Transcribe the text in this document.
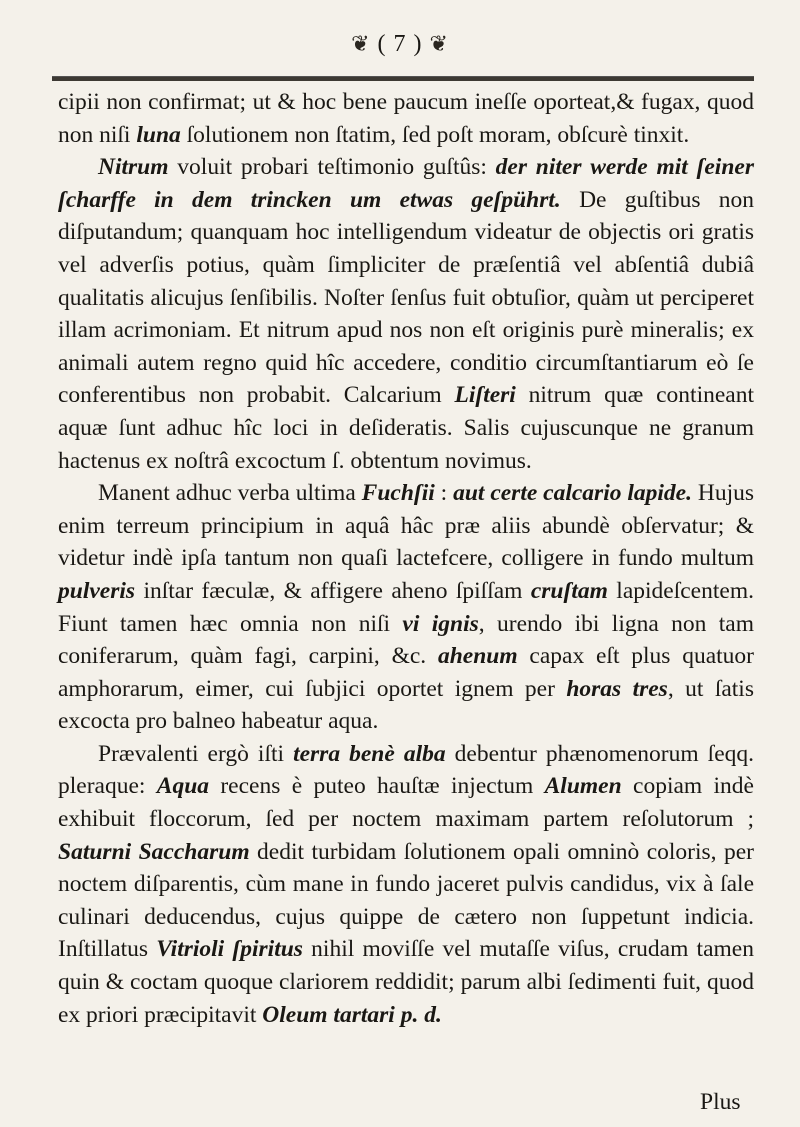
❦ ( 7 ) ❦

cipii non confirmat; ut & hoc bene paucum ineſſe oporteat,& fugax, quod non niſi luna ſolutionem non ſtatim, ſed poſt moram, obſcurè tinxit.

Nitrum voluit probari teſtimonio guſtûs: der niter werde mit ſeiner ſcharffe in dem trincken um etwas geſpührt. De guſtibus non diſputandum; quanquam hoc intelligendum videatur de objectis ori gratis vel adverſis potius, quàm ſimpliciter de præſentiâ vel abſentiâ dubiâ qualitatis alicujus ſenſibilis. Noſter ſenſus fuit obtuſior, quàm ut perciperet illam acrimoniam. Et nitrum apud nos non eſt originis purè mineralis; ex animali autem regno quid hîc accedere, conditio circumſtantiarum eò ſe conferentibus non probabit. Calcarium Liſteri nitrum quæ contineant aquæ ſunt adhuc hîc loci in deſideratis. Salis cujuscunque ne granum hactenus ex noſtrâ excoctum ſ. obtentum novimus.

Manent adhuc verba ultima Fuchſii : aut certe calcario lapide. Hujus enim terreum principium in aquâ hâc præ aliis abundè obſervatur; & videtur indè ipſa tantum non quaſi lactefcere, colligere in fundo multum pulveris inſtar fæculæ, & affigere aheno ſpiſſam cruſtam lapideſcentem. Fiunt tamen hæc omnia non niſi vi ignis, urendo ibi ligna non tam coniferarum, quàm fagi, carpini, &c. ahenum capax eſt plus quatuor amphorarum, eimer, cui ſubjici oportet ignem per horas tres, ut ſatis excocta pro balneo habeatur aqua.

Prævalenti ergò iſti terra benè alba debentur phænomenorum ſeqq. pleraque: Aqua recens è puteo hauſtæ injectum Alumen copiam indè exhibuit floccorum, ſed per noctem maximam partem reſolutorum ; Saturni Saccharum dedit turbidam ſolutionem opali omninò coloris, per noctem diſparentis, cùm mane in fundo jaceret pulvis candidus, vix à ſale culinari deducendus, cujus quippe de cætero non ſuppetunt indicia. Inſtillatus Vitrioli ſpiritus nihil moviſſe vel mutaſſe viſus, crudam tamen quin & coctam quoque clariorem reddidit; parum albi ſedimenti fuit, quod ex priori præcipitavit Oleum tartari p. d.

Plus
